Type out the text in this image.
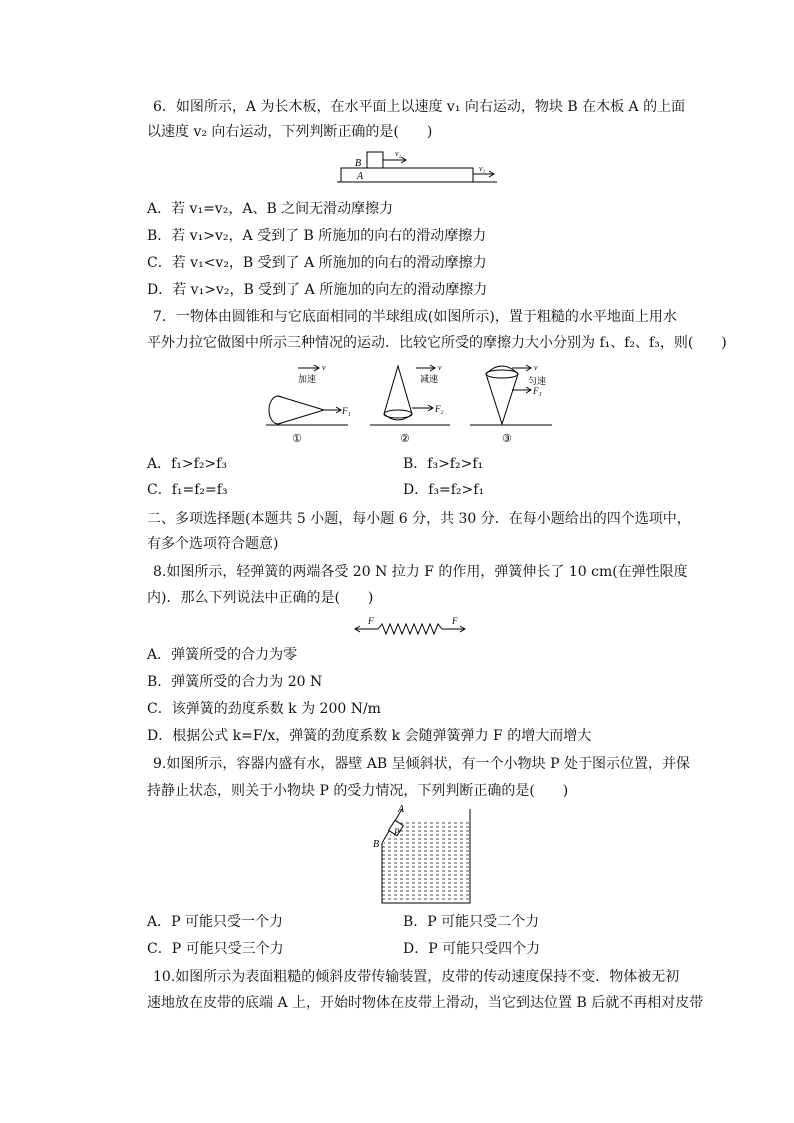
6．如图所示，A 为长木板，在水平面上以速度 v₁ 向右运动，物块 B 在木板 A 的上面
以速度 v₂ 向右运动，下列判断正确的是(　　)
B
A
v₂
v₁
A．若 v₁=v₂，A、B 之间无滑动摩擦力
B．若 v₁>v₂，A 受到了 B 所施加的向右的滑动摩擦力
C．若 v₁<v₂，B 受到了 A 所施加的向右的滑动摩擦力
D．若 v₁>v₂，B 受到了 A 所施加的向左的滑动摩擦力
7．一物体由圆锥和与它底面相同的半球组成(如图所示)，置于粗糙的水平地面上用水
平外力拉它做图中所示三种情况的运动．比较它所受的摩擦力大小分别为 f₁、f₂、f₃，则(　　)
v
加速
F₁
①
v
减速
F₂
②
v
匀速
F₃
③
A．f₁>f₂>f₃	B．f₃>f₂>f₁
C．f₁=f₂=f₃	D．f₃=f₂>f₁
二、多项选择题(本题共 5 小题，每小题 6 分，共 30 分．在每小题给出的四个选项中，
有多个选项符合题意)
8.如图所示，轻弹簧的两端各受 20 N 拉力 F 的作用，弹簧伸长了 10 cm(在弹性限度
内)．那么下列说法中正确的是(　　)
F	F
A．弹簧所受的合力为零
B．弹簧所受的合力为 20 N
C．该弹簧的劲度系数 k 为 200 N/m
D．根据公式 k=F/x，弹簧的劲度系数 k 会随弹簧弹力 F 的增大而增大
9.如图所示，容器内盛有水，器壁 AB 呈倾斜状，有一个小物块 P 处于图示位置，并保
持静止状态，则关于小物块 P 的受力情况，下列判断正确的是(　　)
A
B
P
A．P 可能只受一个力	B．P 可能只受二个力
C．P 可能只受三个力	D．P 可能只受四个力
10.如图所示为表面粗糙的倾斜皮带传输装置，皮带的传动速度保持不变．物体被无初
速地放在皮带的底端 A 上，开始时物体在皮带上滑动，当它到达位置 B 后就不再相对皮带
